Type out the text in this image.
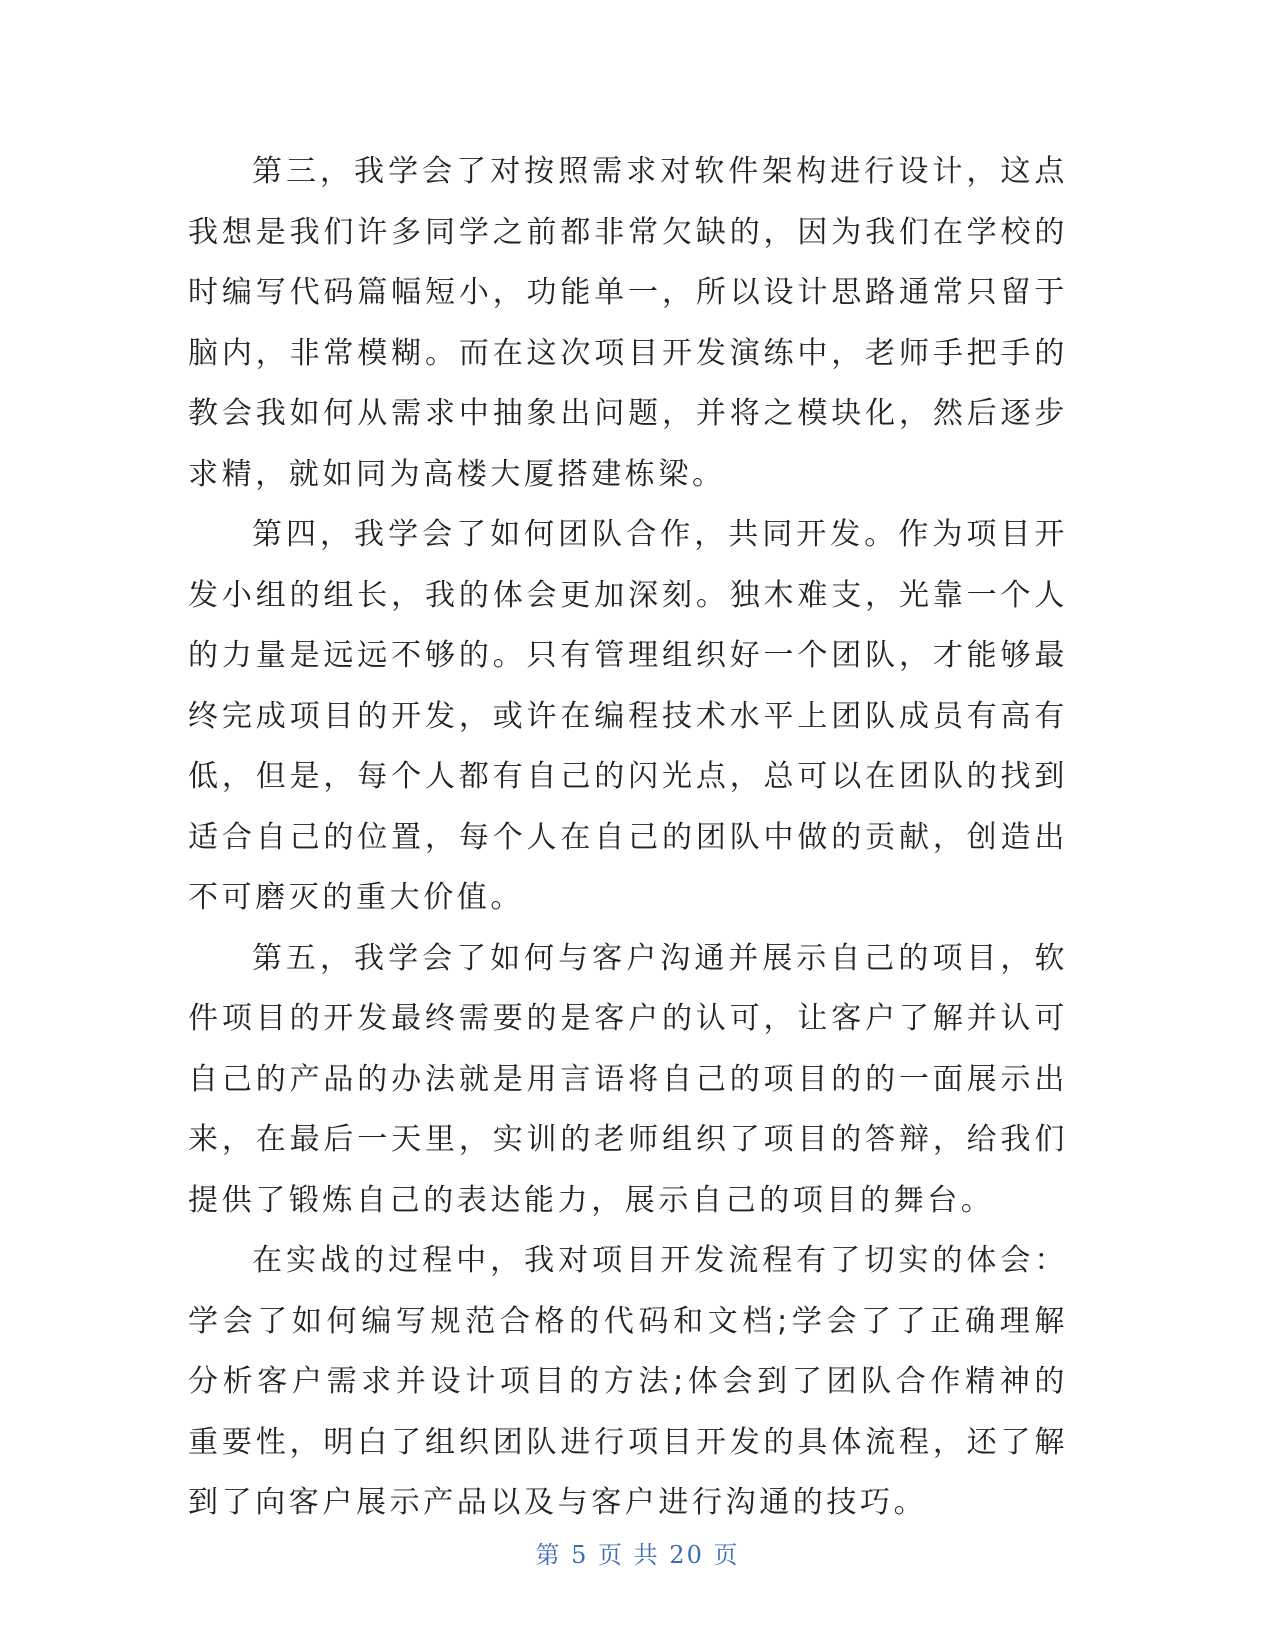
第三，我学会了对按照需求对软件架构进行设计，这点我想是我们许多同学之前都非常欠缺的，因为我们在学校的时编写代码篇幅短小，功能单一，所以设计思路通常只留于脑内，非常模糊。而在这次项目开发演练中，老师手把手的教会我如何从需求中抽象出问题，并将之模块化，然后逐步求精，就如同为高楼大厦搭建栋梁。

第四，我学会了如何团队合作，共同开发。作为项目开发小组的组长，我的体会更加深刻。独木难支，光靠一个人的力量是远远不够的。只有管理组织好一个团队，才能够最终完成项目的开发，或许在编程技术水平上团队成员有高有低，但是，每个人都有自己的闪光点，总可以在团队的找到适合自己的位置，每个人在自己的团队中做的贡献，创造出不可磨灭的重大价值。

第五，我学会了如何与客户沟通并展示自己的项目，软件项目的开发最终需要的是客户的认可，让客户了解并认可自己的产品的办法就是用言语将自己的项目的的一面展示出来，在最后一天里，实训的老师组织了项目的答辩，给我们提供了锻炼自己的表达能力，展示自己的项目的舞台。

在实战的过程中，我对项目开发流程有了切实的体会：学会了如何编写规范合格的代码和文档;学会了了正确理解分析客户需求并设计项目的方法;体会到了团队合作精神的重要性，明白了组织团队进行项目开发的具体流程，还了解到了向客户展示产品以及与客户进行沟通的技巧。

第 5 页 共 20 页
